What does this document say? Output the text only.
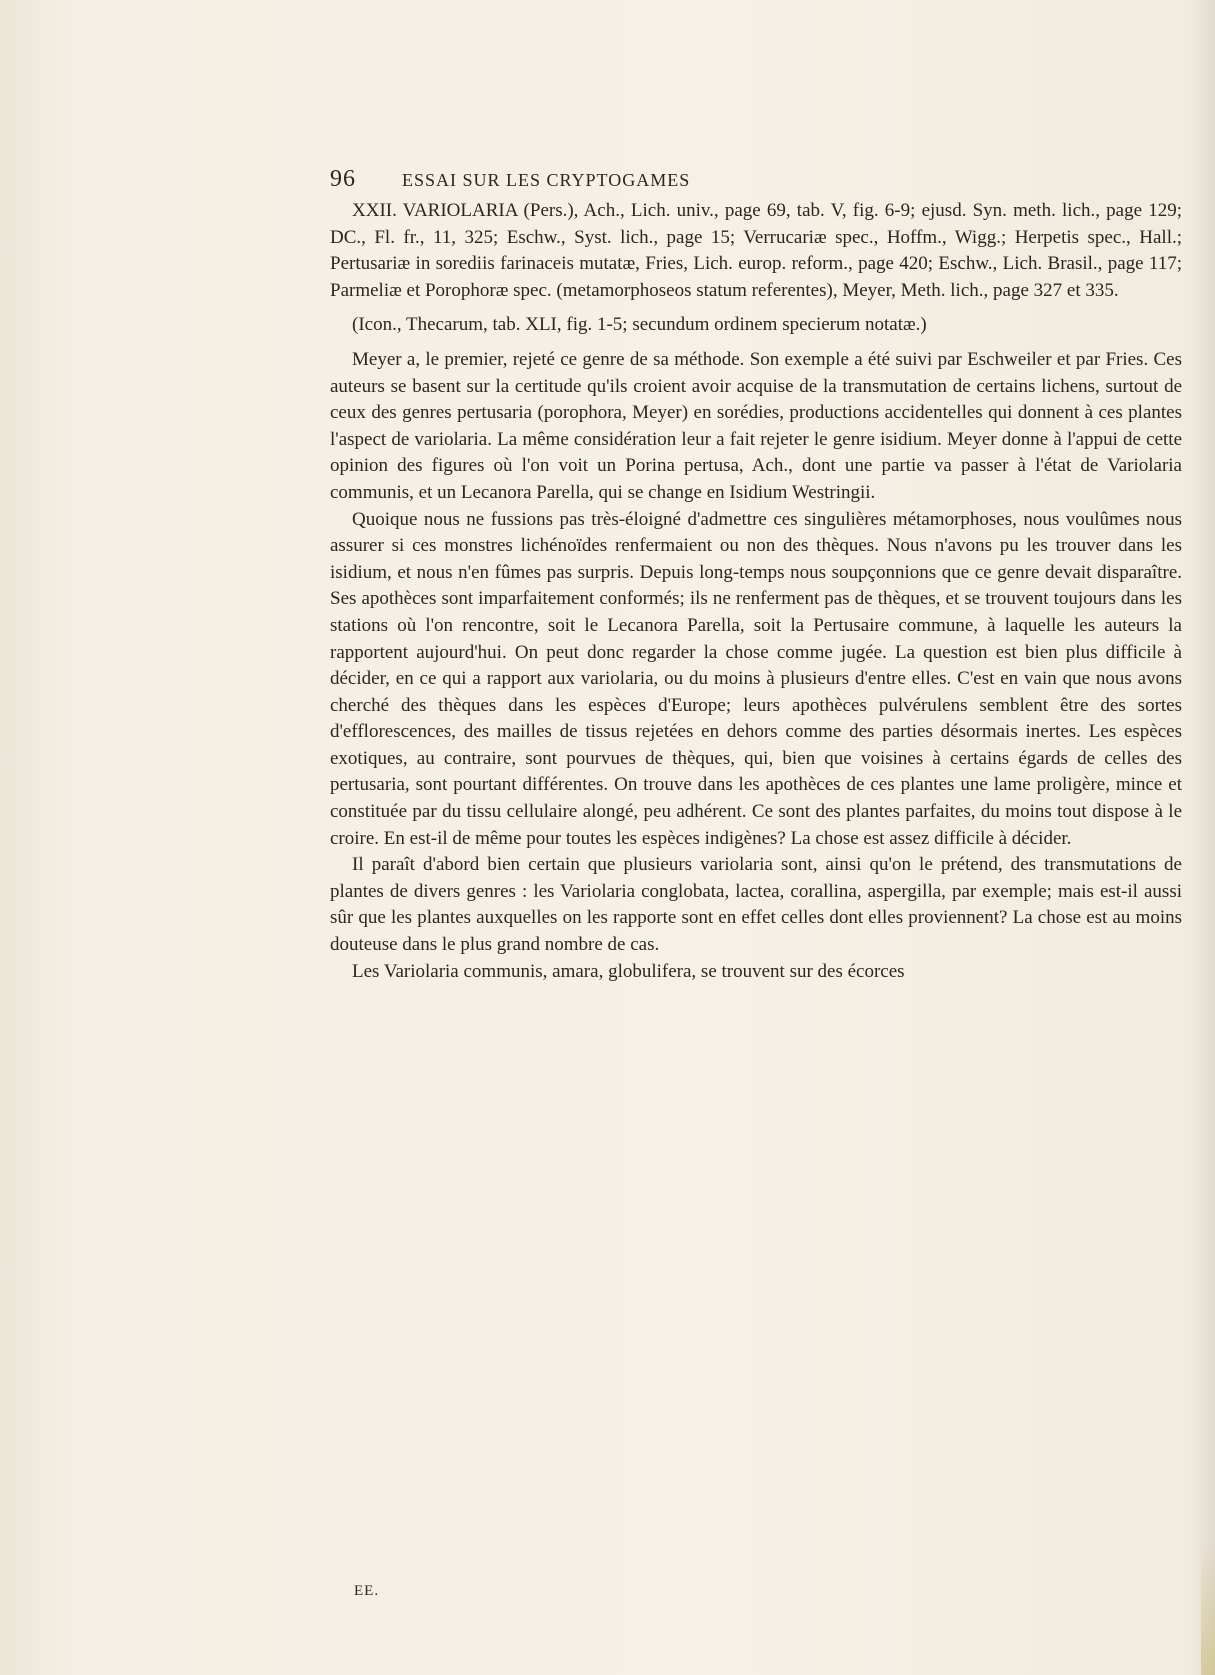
96	ESSAI SUR LES CRYPTOGAMES

XXII. VARIOLARIA (Pers.), Ach., Lich. univ., page 69, tab. V, fig. 6-9; ejusd. Syn. meth. lich., page 129; DC., Fl. fr., 11, 325; Eschw., Syst. lich., page 15; Verrucariæ spec., Hoffm., Wigg.; Herpetis spec., Hall.; Pertusariæ in sorediis farinaceis mutatæ, Fries, Lich. europ. reform., page 420; Eschw., Lich. Brasil., page 117; Parmeliæ et Porophoræ spec. (metamorphoseos statum referentes), Meyer, Meth. lich., page 327 et 335.

(Icon., Thecarum, tab. XLI, fig. 1-5; secundum ordinem specierum notatæ.)

Meyer a, le premier, rejeté ce genre de sa méthode. Son exemple a été suivi par Eschweiler et par Fries. Ces auteurs se basent sur la certitude qu'ils croient avoir acquise de la transmutation de certains lichens, surtout de ceux des genres pertusaria (porophora, Meyer) en sorédies, productions accidentelles qui donnent à ces plantes l'aspect de variolaria. La même considération leur a fait rejeter le genre isidium. Meyer donne à l'appui de cette opinion des figures où l'on voit un Porina pertusa, Ach., dont une partie va passer à l'état de Variolaria communis, et un Lecanora Parella, qui se change en Isidium Westringii.

Quoique nous ne fussions pas très-éloigné d'admettre ces singulières métamorphoses, nous voulûmes nous assurer si ces monstres lichénoïdes renfermaient ou non des thèques. Nous n'avons pu les trouver dans les isidium, et nous n'en fûmes pas surpris. Depuis long-temps nous soupçonnions que ce genre devait disparaître. Ses apothèces sont imparfaitement conformés; ils ne renferment pas de thèques, et se trouvent toujours dans les stations où l'on rencontre, soit le Lecanora Parella, soit la Pertusaire commune, à laquelle les auteurs la rapportent aujourd'hui. On peut donc regarder la chose comme jugée. La question est bien plus difficile à décider, en ce qui a rapport aux variolaria, ou du moins à plusieurs d'entre elles. C'est en vain que nous avons cherché des thèques dans les espèces d'Europe; leurs apothèces pulvérulens semblent être des sortes d'efflorescences, des mailles de tissus rejetées en dehors comme des parties désormais inertes. Les espèces exotiques, au contraire, sont pourvues de thèques, qui, bien que voisines à certains égards de celles des pertusaria, sont pourtant différentes. On trouve dans les apothèces de ces plantes une lame proligère, mince et constituée par du tissu cellulaire alongé, peu adhérent. Ce sont des plantes parfaites, du moins tout dispose à le croire. En est-il de même pour toutes les espèces indigènes? La chose est assez difficile à décider.

Il paraît d'abord bien certain que plusieurs variolaria sont, ainsi qu'on le prétend, des transmutations de plantes de divers genres : les Variolaria conglobata, lactea, corallina, aspergilla, par exemple; mais est-il aussi sûr que les plantes auxquelles on les rapporte sont en effet celles dont elles proviennent? La chose est au moins douteuse dans le plus grand nombre de cas.

Les Variolaria communis, amara, globulifera, se trouvent sur des écorces

EE.
